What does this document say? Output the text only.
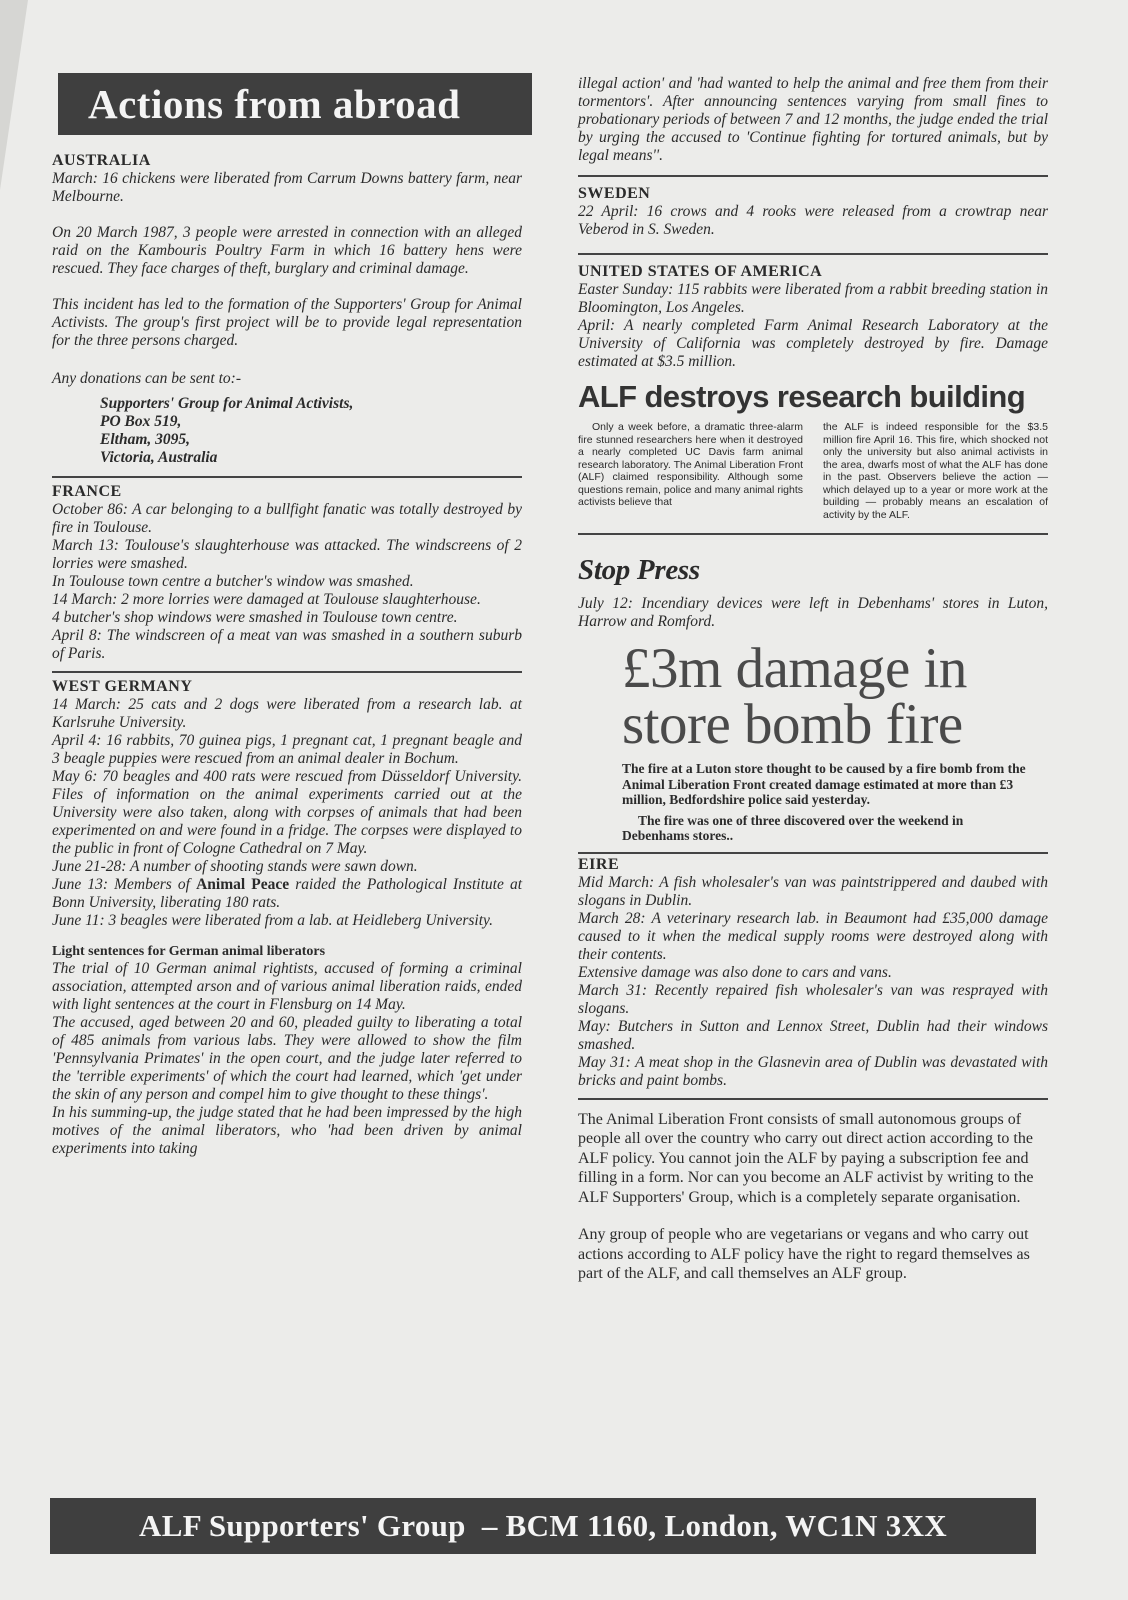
Actions from abroad
AUSTRALIA

March: 16 chickens were liberated from Carrum Downs battery farm, near Melbourne.

On 20 March 1987, 3 people were arrested in connection with an alleged raid on the Kambouris Poultry Farm in which 16 battery hens were rescued. They face charges of theft, burglary and criminal damage.

This incident has led to the formation of the Supporters' Group for Animal Activists. The group's first project will be to provide legal representation for the three persons charged.

Any donations can be sent to:-

Supporters' Group for Animal Activists,

PO Box 519,

Eltham, 3095,

Victoria, Australia

FRANCE

October 86: A car belonging to a bullfight fanatic was totally destroyed by fire in Toulouse.

March 13: Toulouse's slaughterhouse was attacked. The windscreens of 2 lorries were smashed.

In Toulouse town centre a butcher's window was smashed.

14 March: 2 more lorries were damaged at Toulouse slaughterhouse.

4 butcher's shop windows were smashed in Toulouse town centre.

April 8: The windscreen of a meat van was smashed in a southern suburb of Paris.

WEST GERMANY

14 March: 25 cats and 2 dogs were liberated from a research lab. at Karlsruhe University.

April 4: 16 rabbits, 70 guinea pigs, 1 pregnant cat, 1 pregnant beagle and 3 beagle puppies were rescued from an animal dealer in Bochum.

May 6: 70 beagles and 400 rats were rescued from Düsseldorf University. Files of information on the animal experiments carried out at the University were also taken, along with corpses of animals that had been experimented on and were found in a fridge. The corpses were displayed to the public in front of Cologne Cathedral on 7 May.

June 21-28: A number of shooting stands were sawn down.

June 13: Members of Animal Peace raided the Pathological Institute at Bonn University, liberating 180 rats.

June 11: 3 beagles were liberated from a lab. at Heidleberg University.

Light sentences for German animal liberators

The trial of 10 German animal rightists, accused of forming a criminal association, attempted arson and of various animal liberation raids, ended with light sentences at the court in Flensburg on 14 May.

The accused, aged between 20 and 60, pleaded guilty to liberating a total of 485 animals from various labs. They were allowed to show the film 'Pennsylvania Primates' in the open court, and the judge later referred to the 'terrible experiments' of which the court had learned, which 'get under the skin of any person and compel him to give thought to these things'.

In his summing-up, the judge stated that he had been impressed by the high motives of the animal liberators, who 'had been driven by animal experiments into taking

illegal action' and 'had wanted to help the animal and free them from their tormentors'. After announcing sentences varying from small fines to probationary periods of between 7 and 12 months, the judge ended the trial by urging the accused to 'Continue fighting for tortured animals, but by legal means''.

SWEDEN

22 April: 16 crows and 4 rooks were released from a crowtrap near Veberod in S. Sweden.

UNITED STATES OF AMERICA

Easter Sunday: 115 rabbits were liberated from a rabbit breeding station in Bloomington, Los Angeles.

April: A nearly completed Farm Animal Research Laboratory at the University of California was completely destroyed by fire. Damage estimated at $3.5 million.

ALF destroys research building

Only a week before, a dramatic three-alarm fire stunned researchers here when it destroyed a nearly completed UC Davis farm animal research laboratory. The Animal Liberation Front (ALF) claimed responsibility. Although some questions remain, police and many animal rights activists believe that

the ALF is indeed responsible for the $3.5 million fire April 16. This fire, which shocked not only the university but also animal activists in the area, dwarfs most of what the ALF has done in the past. Observers believe the action — which delayed up to a year or more work at the building — probably means an escalation of activity by the ALF.

Stop Press

July 12: Incendiary devices were left in Debenhams' stores in Luton, Harrow and Romford.

£3m damage in
store bomb fire

The fire at a Luton store thought to be caused by a fire bomb from the Animal Liberation Front created damage estimated at more than £3 million, Bedfordshire police said yesterday.

The fire was one of three discovered over the weekend in Debenhams stores..

EIRE

Mid March: A fish wholesaler's van was paintstrippered and daubed with slogans in Dublin.

March 28: A veterinary research lab. in Beaumont had £35,000 damage caused to it when the medical supply rooms were destroyed along with their contents.

Extensive damage was also done to cars and vans.

March 31: Recently repaired fish wholesaler's van was resprayed with slogans.

May: Butchers in Sutton and Lennox Street, Dublin had their windows smashed.

May 31: A meat shop in the Glasnevin area of Dublin was devastated with bricks and paint bombs.

The Animal Liberation Front consists of small autonomous groups of people all over the country who carry out direct action according to the ALF policy. You cannot join the ALF by paying a subscription fee and filling in a form. Nor can you become an ALF activist by writing to the ALF Supporters' Group, which is a completely separate organisation.

Any group of people who are vegetarians or vegans and who carry out actions according to ALF policy have the right to regard themselves as part of the ALF, and call themselves an ALF group.

ALF Supporters' Group  – BCM 1160, London, WC1N 3XX
